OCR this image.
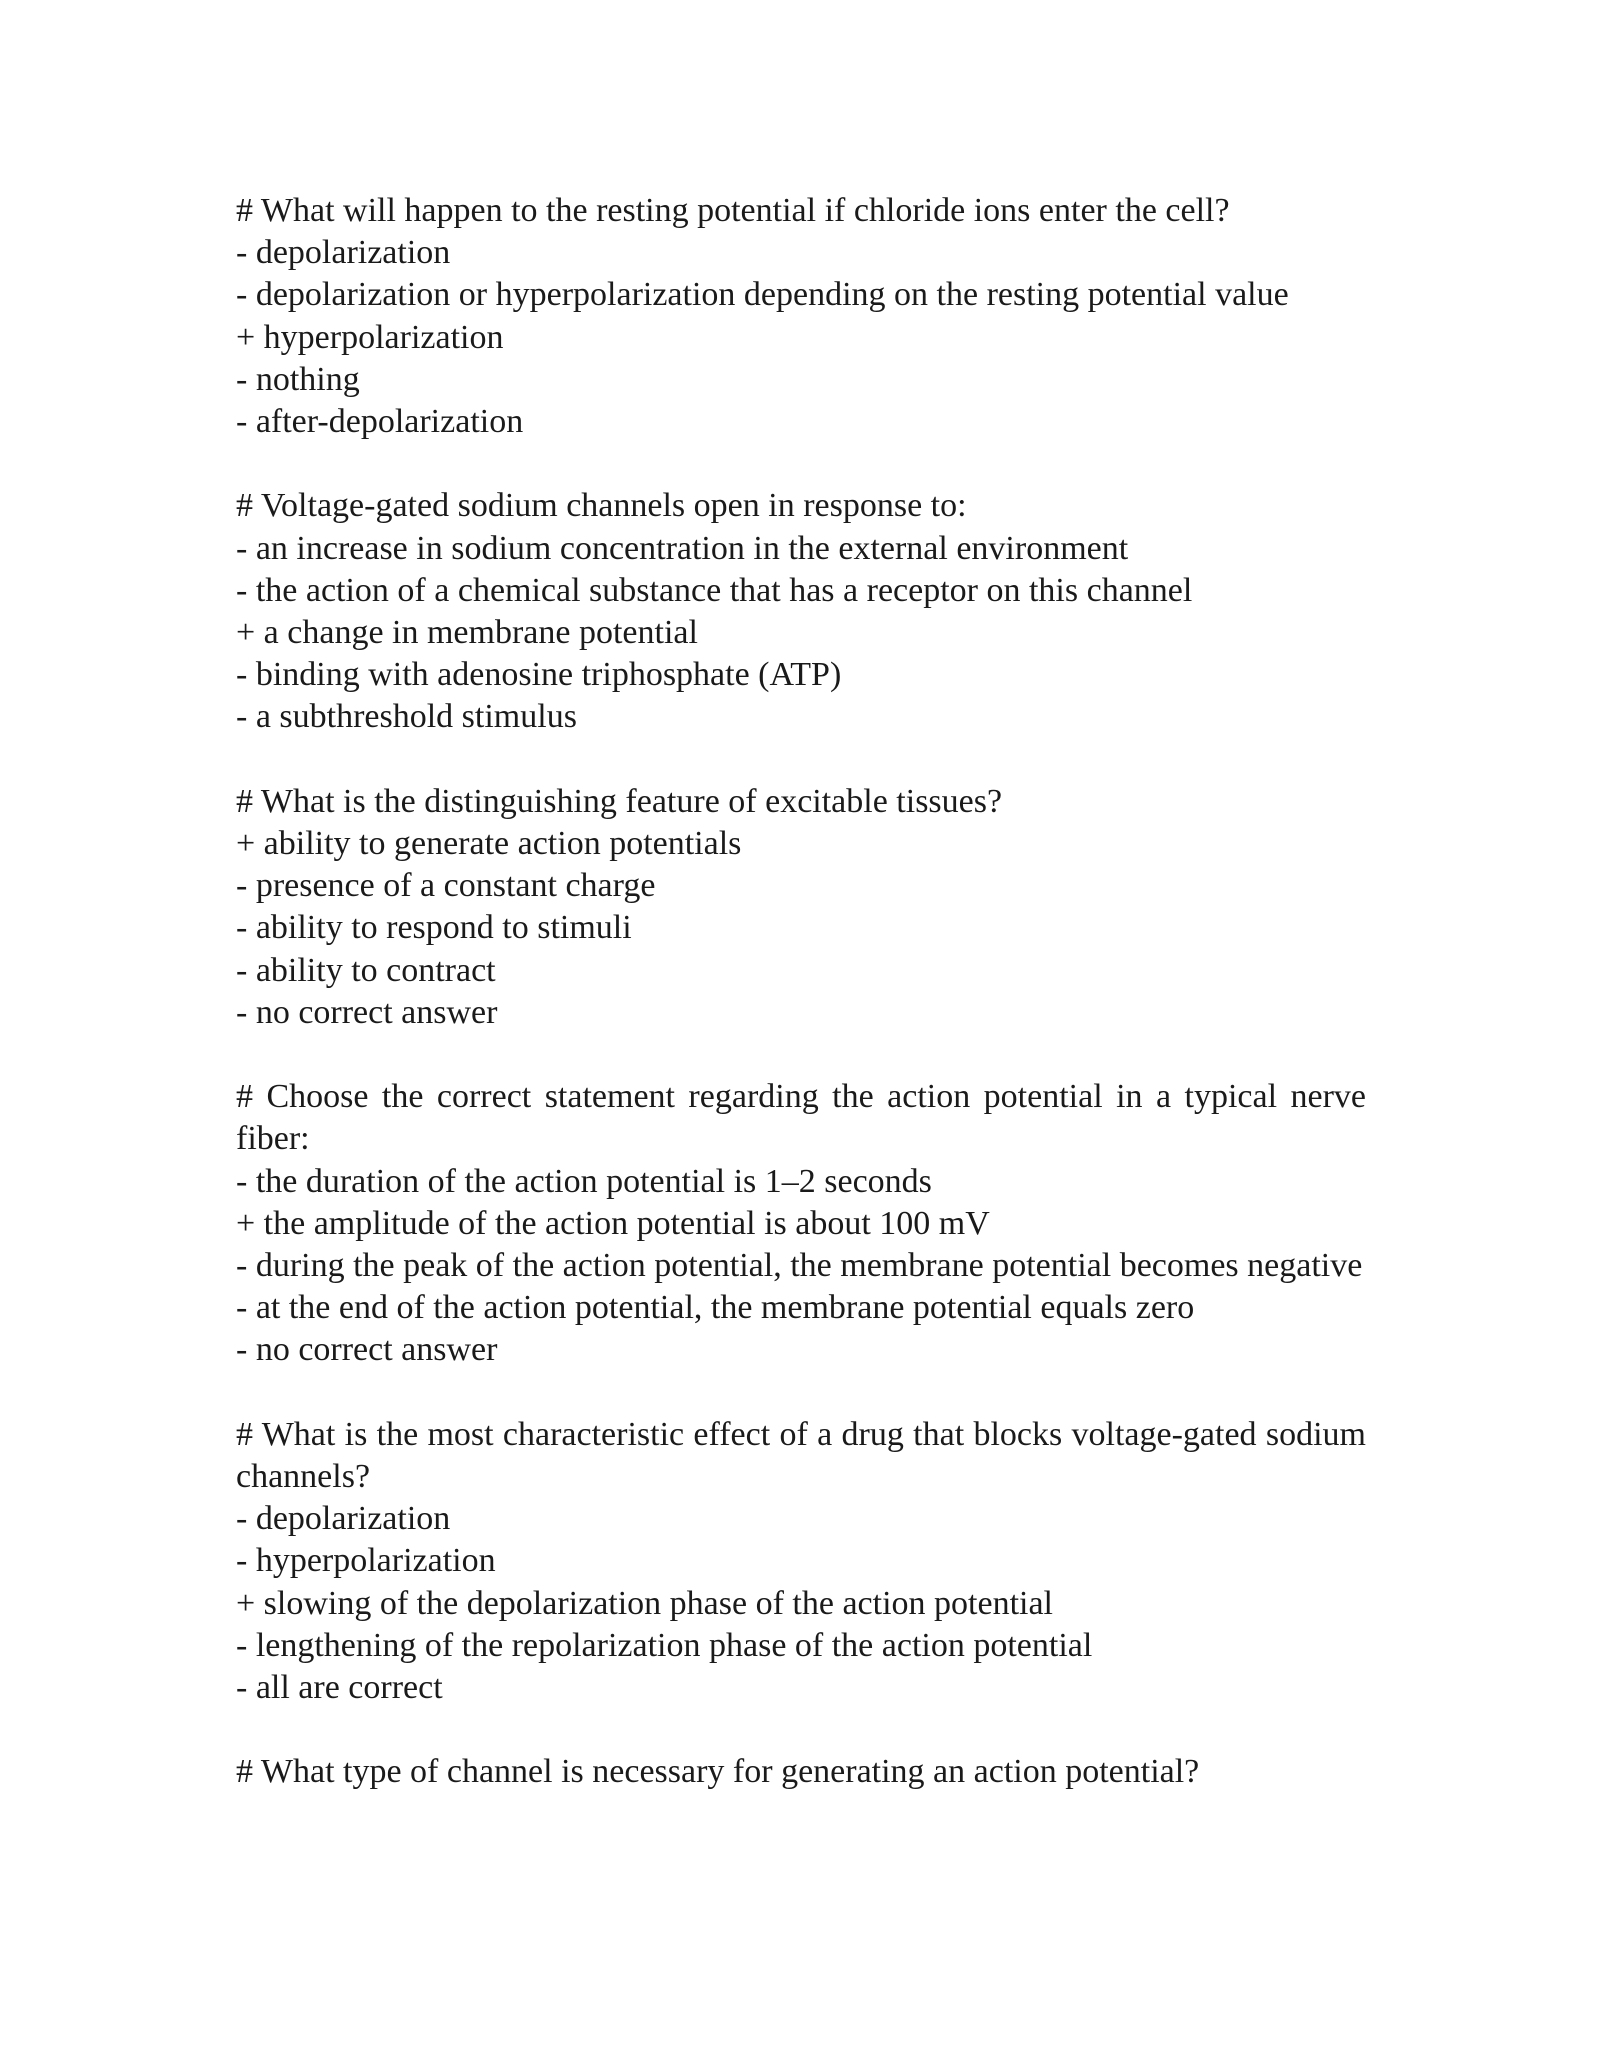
# What will happen to the resting potential if chloride ions enter the cell?
- depolarization
- depolarization or hyperpolarization depending on the resting potential value
+ hyperpolarization
- nothing
- after-depolarization
# Voltage-gated sodium channels open in response to:
- an increase in sodium concentration in the external environment
- the action of a chemical substance that has a receptor on this channel
+ a change in membrane potential
- binding with adenosine triphosphate (ATP)
- a subthreshold stimulus
# What is the distinguishing feature of excitable tissues?
+ ability to generate action potentials
- presence of a constant charge
- ability to respond to stimuli
- ability to contract
- no correct answer
# Choose the correct statement regarding the action potential in a typical nerve fiber:
- the duration of the action potential is 1–2 seconds
+ the amplitude of the action potential is about 100 mV
- during the peak of the action potential, the membrane potential becomes negative
- at the end of the action potential, the membrane potential equals zero
- no correct answer
# What is the most characteristic effect of a drug that blocks voltage-gated sodium channels?
- depolarization
- hyperpolarization
+ slowing of the depolarization phase of the action potential
- lengthening of the repolarization phase of the action potential
- all are correct
# What type of channel is necessary for generating an action potential?
